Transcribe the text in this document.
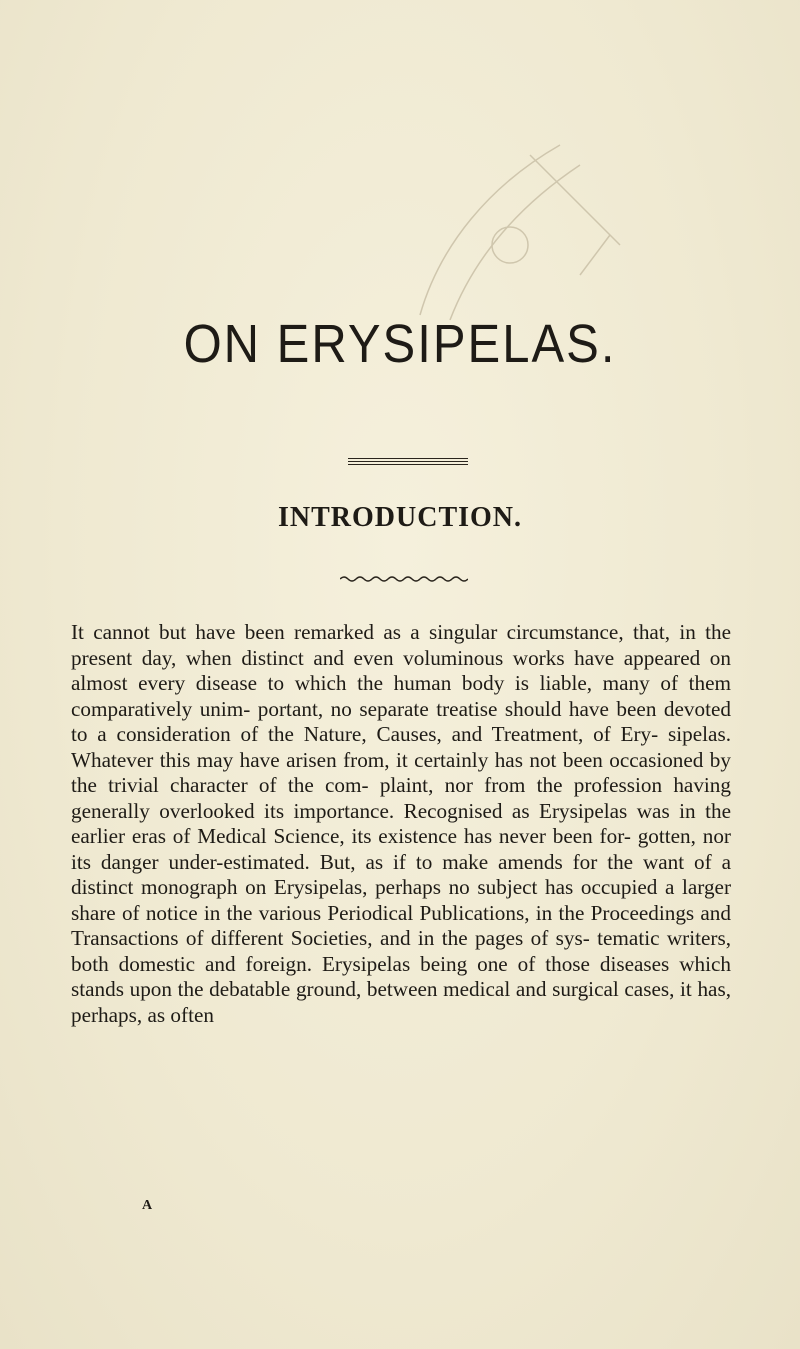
ON ERYSIPELAS.
INTRODUCTION.

It cannot but have been remarked as a singular circumstance, that, in the present day, when distinct and even voluminous works have appeared on almost every disease to which the human body is liable, many of them comparatively unim- portant, no separate treatise should have been devoted to a consideration of the Nature, Causes, and Treatment, of Ery- sipelas. Whatever this may have arisen from, it certainly has not been occasioned by the trivial character of the com- plaint, nor from the profession having generally overlooked its importance. Recognised as Erysipelas was in the earlier eras of Medical Science, its existence has never been for- gotten, nor its danger under-estimated. But, as if to make amends for the want of a distinct monograph on Erysipelas, perhaps no subject has occupied a larger share of notice in the various Periodical Publications, in the Proceedings and Transactions of different Societies, and in the pages of sys- tematic writers, both domestic and foreign. Erysipelas being one of those diseases which stands upon the debatable ground, between medical and surgical cases, it has, perhaps, as often

A
